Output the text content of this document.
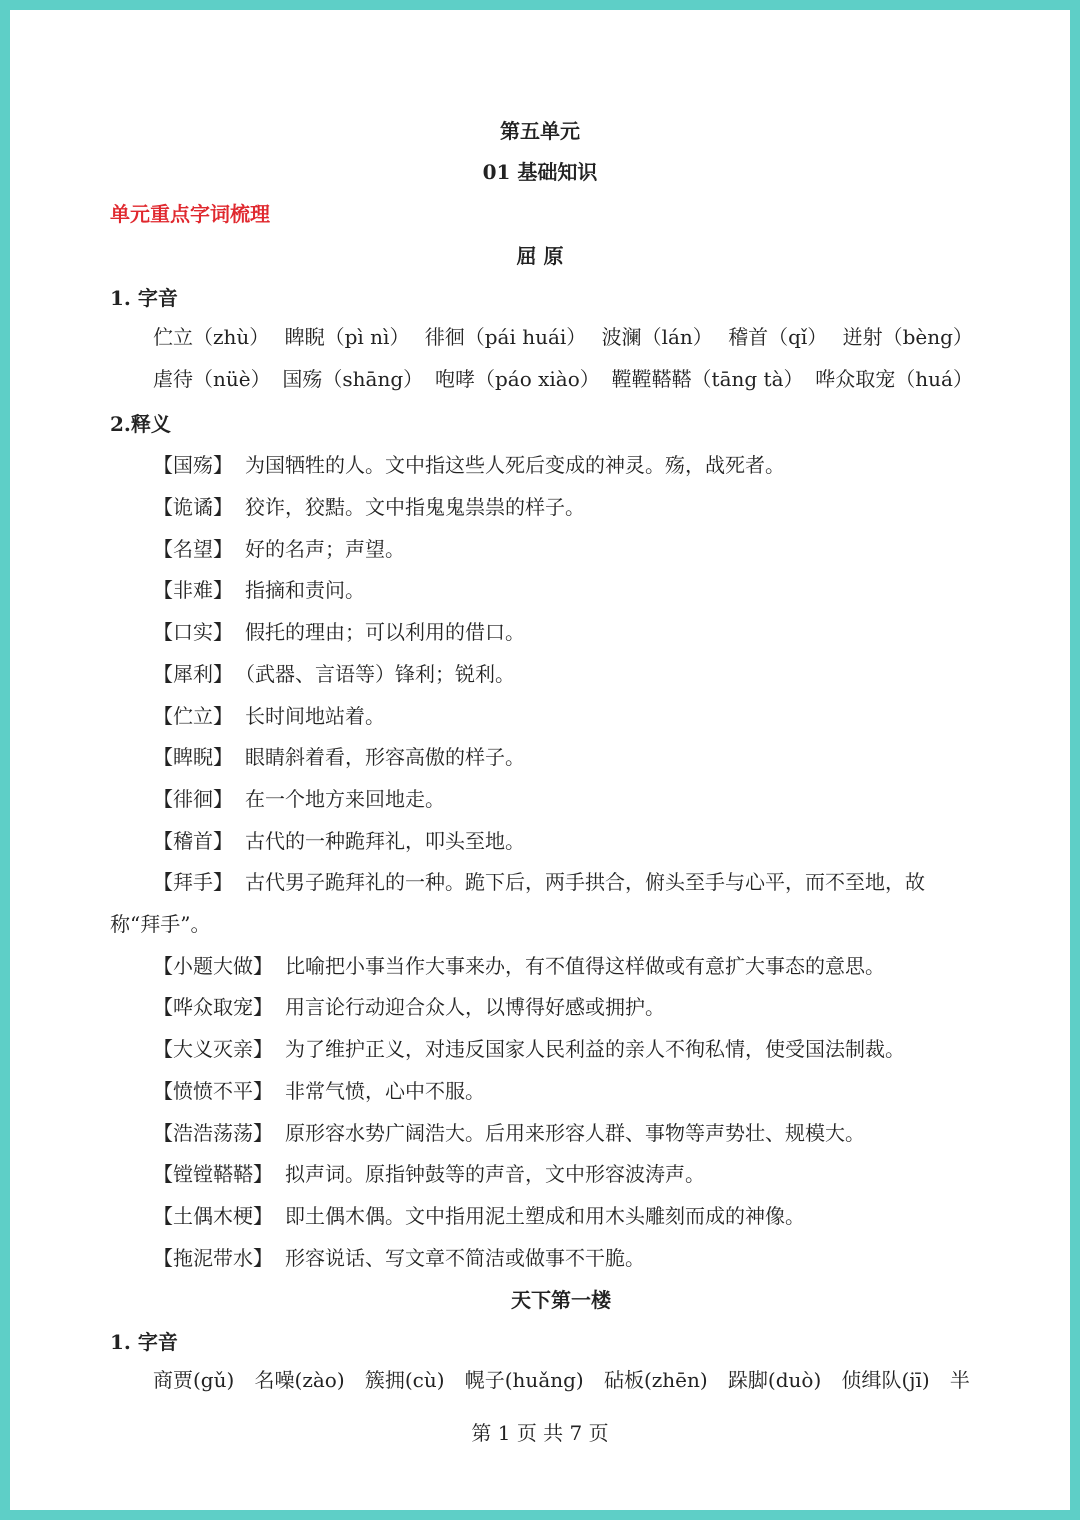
第五单元
01 基础知识
单元重点字词梳理
屈 原
1. 字音
伫立（zhù） 睥睨（pì nì） 徘徊（pái huái） 波澜（lán） 稽首（qǐ） 迸射（bèng）
虐待（nüè） 国殇（shāng） 咆哮（páo xiào） 鞺鞺鞳鞳（tāng tà） 哗众取宠（huá）
2.释义
【国殇】 为国牺牲的人。文中指这些人死后变成的神灵。殇，战死者。
【诡谲】 狡诈，狡黠。文中指鬼鬼祟祟的样子。
【名望】 好的名声；声望。
【非难】 指摘和责问。
【口实】 假托的理由；可以利用的借口。
【犀利】 （武器、言语等）锋利；锐利。
【伫立】 长时间地站着。
【睥睨】 眼睛斜着看，形容高傲的样子。
【徘徊】 在一个地方来回地走。
【稽首】 古代的一种跪拜礼，叩头至地。
【拜手】 古代男子跪拜礼的一种。跪下后，两手拱合，俯头至手与心平，而不至地，故
称“拜手”。
【小题大做】 比喻把小事当作大事来办，有不值得这样做或有意扩大事态的意思。
【哗众取宠】 用言论行动迎合众人，以博得好感或拥护。
【大义灭亲】 为了维护正义，对违反国家人民利益的亲人不徇私情，使受国法制裁。
【愤愤不平】 非常气愤，心中不服。
【浩浩荡荡】 原形容水势广阔浩大。后用来形容人群、事物等声势壮、规模大。
【镗镗鞳鞳】 拟声词。原指钟鼓等的声音，文中形容波涛声。
【土偶木梗】 即土偶木偶。文中指用泥土塑成和用木头雕刻而成的神像。
【拖泥带水】 形容说话、写文章不简洁或做事不干脆。
天下第一楼
1. 字音
商贾(gǔ) 名噪(zào) 簇拥(cù) 幌子(huǎng) 砧板(zhēn) 跺脚(duò) 侦缉队(jī) 半
第 1 页 共 7 页
